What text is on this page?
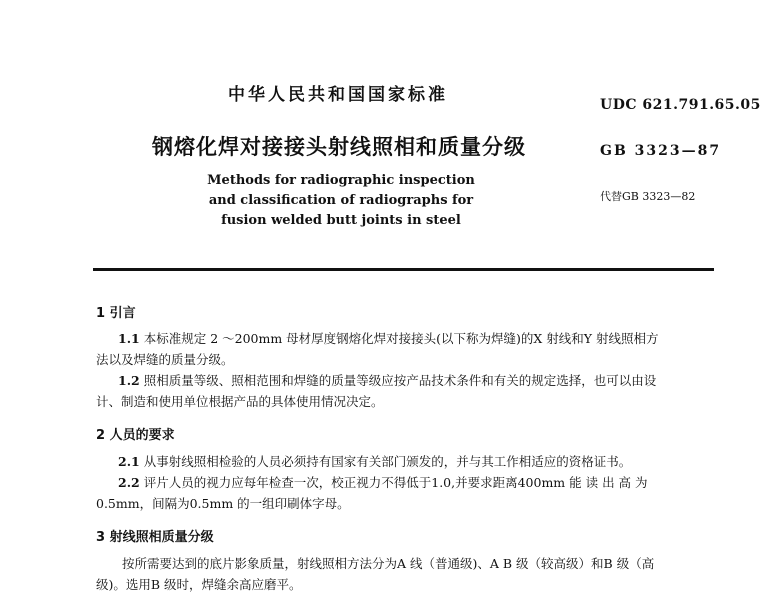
中华人民共和国国家标准	UDC 621.791.65.05
钢熔化焊对接接头射线照相和质量分级	GB 3323—87
Methods for radiographic inspection
and classification of radiographs for
fusion welded butt joints in steel
代替GB 3323—82
1 引言
1.1 本标准规定 2 ～200mm 母材厚度钢熔化焊对接接头(以下称为焊缝)的X 射线和Y 射线照相方
法以及焊缝的质量分级。
1.2 照相质量等级、照相范围和焊缝的质量等级应按产品技术条件和有关的规定选择，也可以由设
计、制造和使用单位根据产品的具体使用情况决定。
2 人员的要求
2.1 从事射线照相检验的人员必须持有国家有关部门颁发的，并与其工作相适应的资格证书。
2.2 评片人员的视力应每年检查一次，校正视力不得低于1.0,并要求距离400mm 能 读 出 高 为
0.5mm，间隔为0.5mm 的一组印刷体字母。
3 射线照相质量分级
按所需要达到的底片影象质量，射线照相方法分为A 线（普通级)、A B 级（较高级）和B 级（高
级)。选用B 级时，焊缝余高应磨平。
